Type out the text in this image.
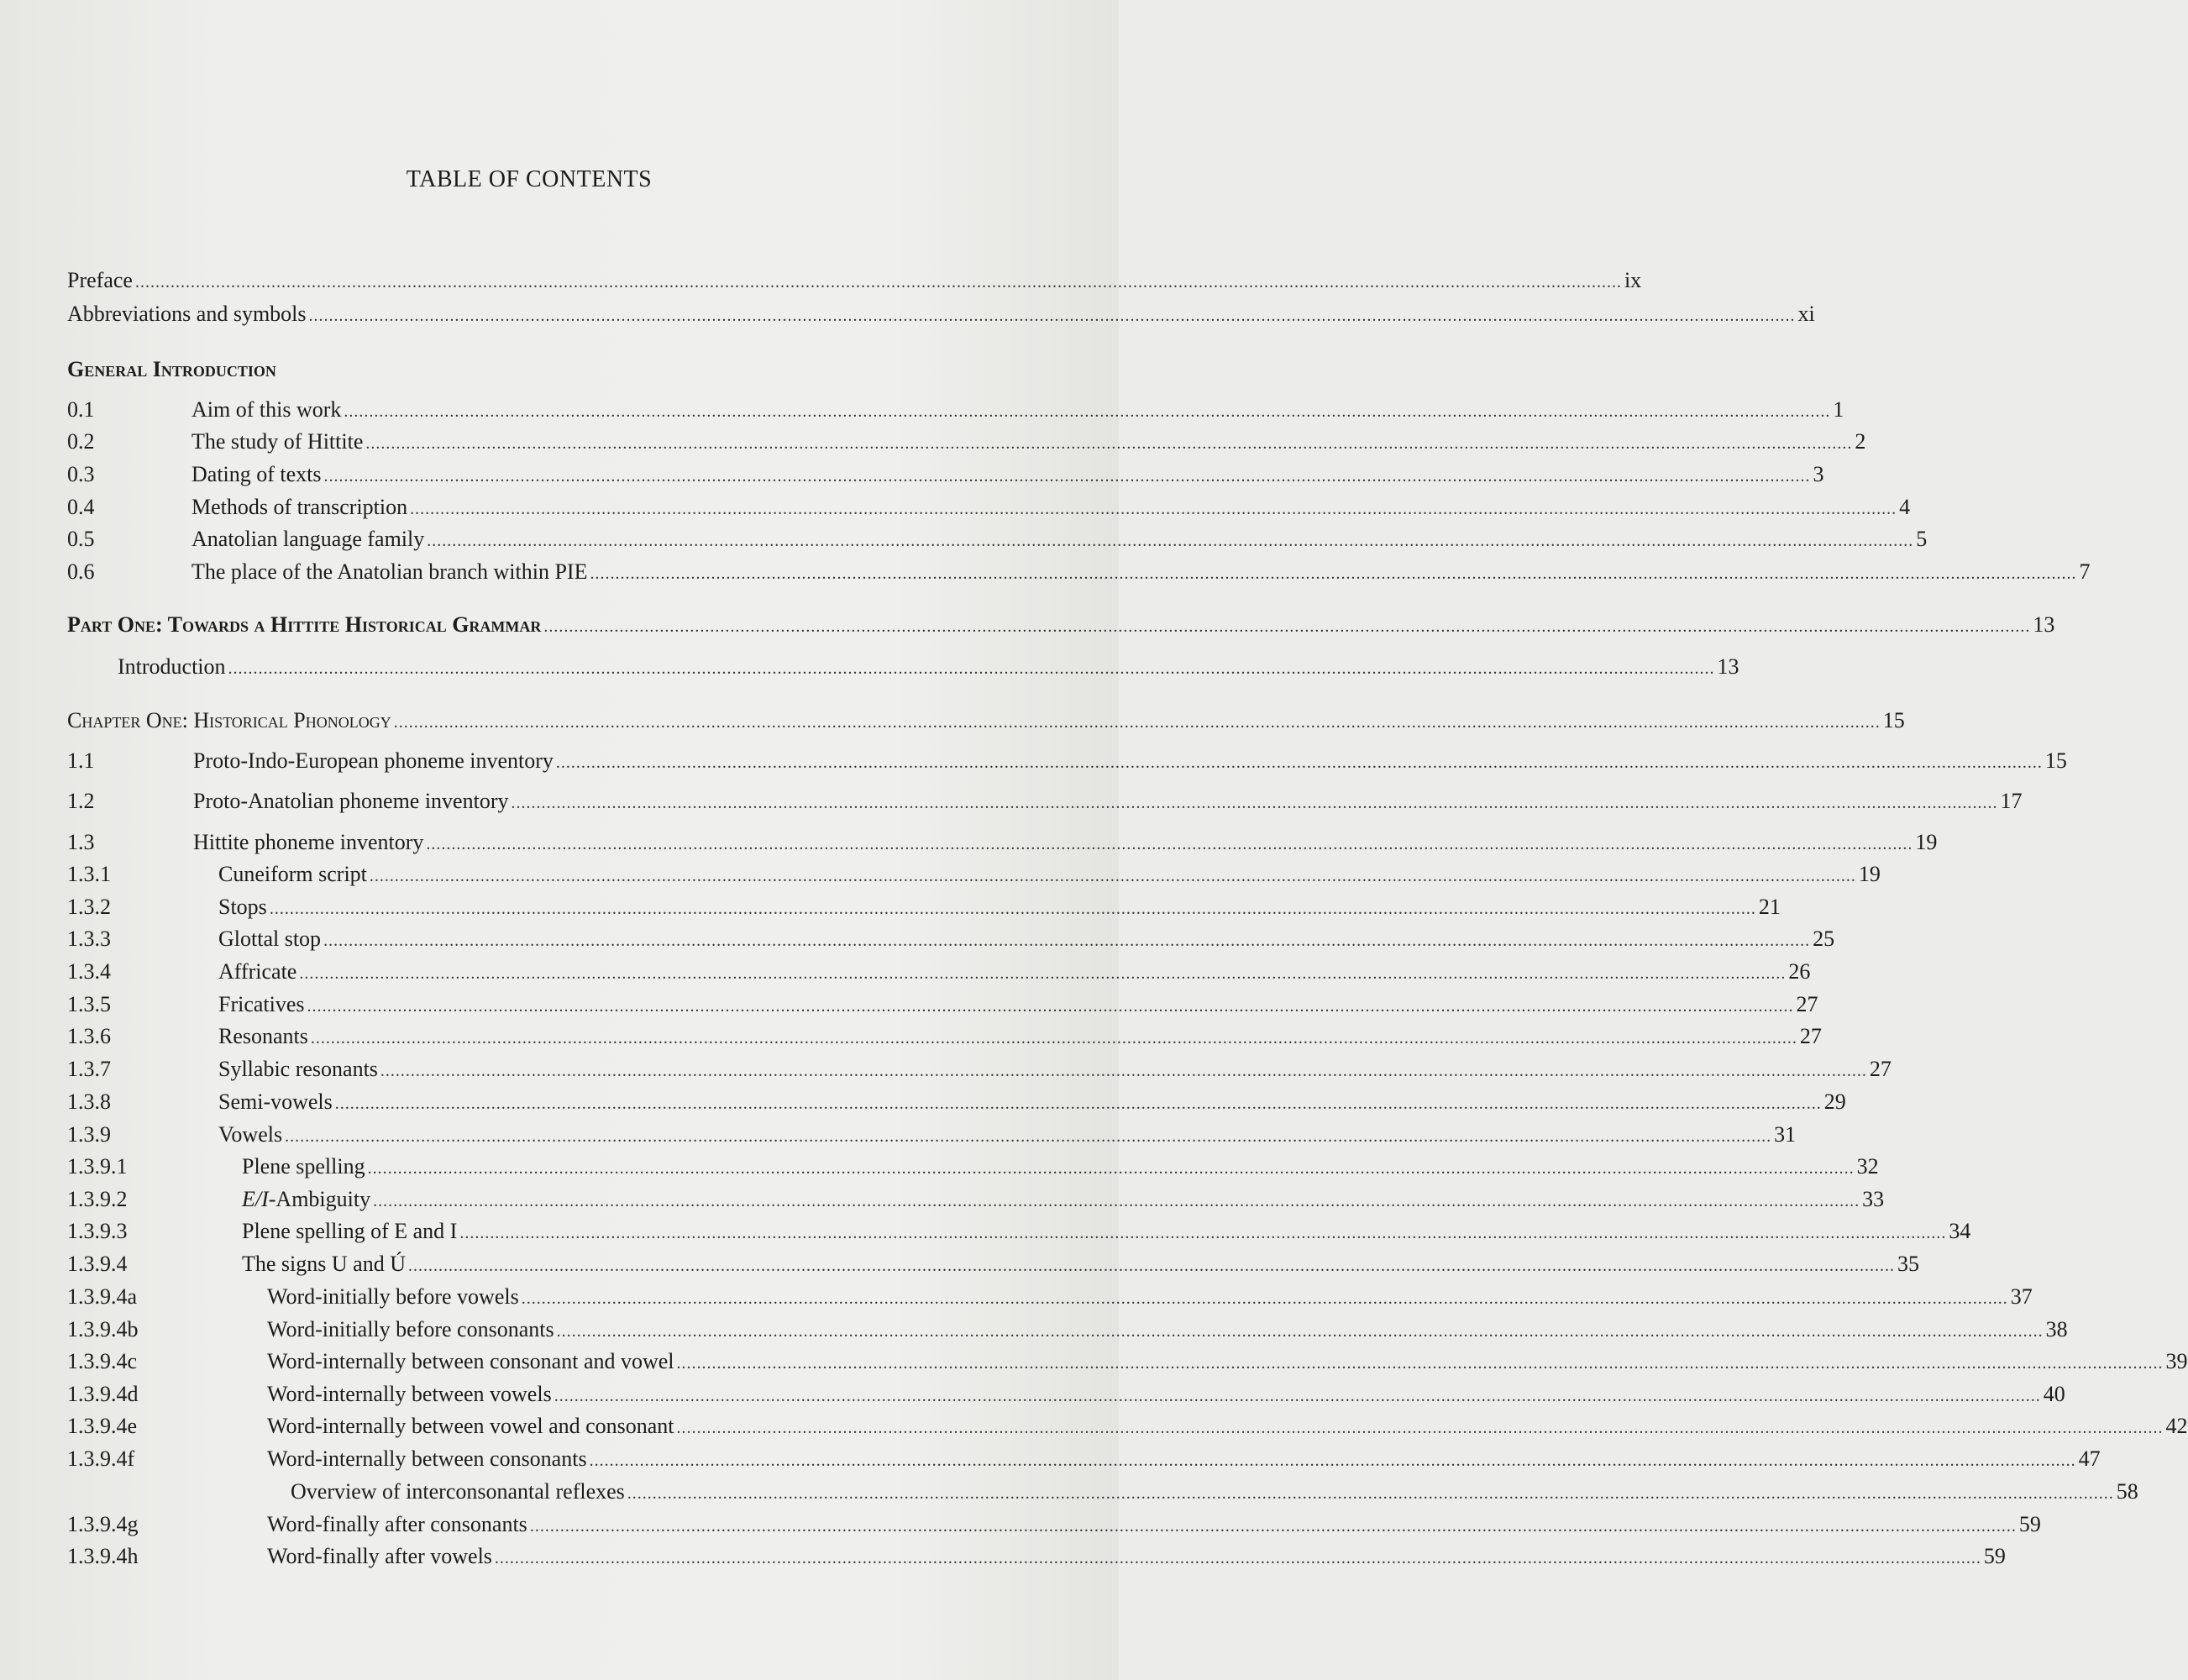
TABLE OF CONTENTS
Preface .....	ix
Abbreviations and symbols .....	xi
General Introduction
0.1	Aim of this work .....	1
0.2	The study of Hittite .....	2
0.3	Dating of texts .....	3
0.4	Methods of transcription .....	4
0.5	Anatolian language family .....	5
0.6	The place of the Anatolian branch within PIE .....	7
Part One: Towards a Hittite Historical Grammar .....	13
Introduction .....	13
Chapter One: Historical Phonology .....	15
1.1	Proto-Indo-European phoneme inventory .....	15
1.2	Proto-Anatolian phoneme inventory .....	17
1.3	Hittite phoneme inventory .....	19
1.3.1	Cuneiform script .....	19
1.3.2	Stops .....	21
1.3.3	Glottal stop .....	25
1.3.4	Affricate .....	26
1.3.5	Fricatives .....	27
1.3.6	Resonants .....	27
1.3.7	Syllabic resonants .....	27
1.3.8	Semi-vowels .....	29
1.3.9	Vowels .....	31
1.3.9.1	Plene spelling .....	32
1.3.9.2	E/I-Ambiguity .....	33
1.3.9.3	Plene spelling of E and I .....	34
1.3.9.4	The signs U and Ú .....	35
1.3.9.4a	Word-initially before vowels .....	37
1.3.9.4b	Word-initially before consonants .....	38
1.3.9.4c	Word-internally between consonant and vowel .....	39
1.3.9.4d	Word-internally between vowels .....	40
1.3.9.4e	Word-internally between vowel and consonant .....	42
1.3.9.4f	Word-internally between consonants .....	47
Overview of interconsonantal reflexes .....	58
1.3.9.4g	Word-finally after consonants .....	59
1.3.9.4h	Word-finally after vowels .....	59
